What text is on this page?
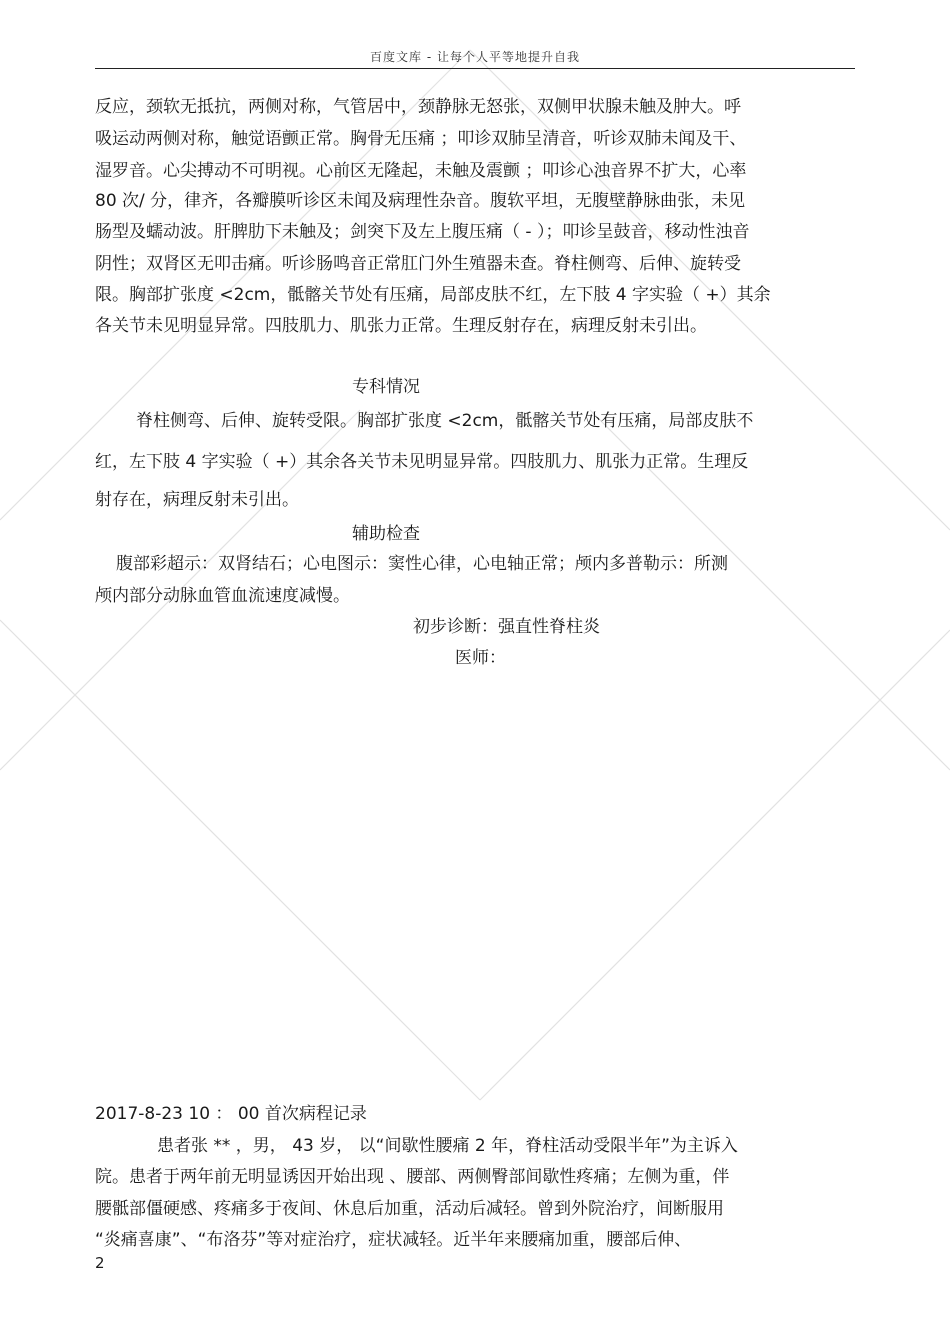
百度文库 - 让每个人平等地提升自我
反应，颈软无抵抗，两侧对称，气管居中，颈静脉无怒张，双侧甲状腺未触及肿大。呼
吸运动两侧对称，触觉语颤正常。胸骨无压痛 ；叩诊双肺呈清音，听诊双肺未闻及干、
湿罗音。心尖搏动不可明视。心前区无隆起，未触及震颤 ；叩诊心浊音界不扩大，心率
80 次/ 分，律齐，各瓣膜听诊区未闻及病理性杂音。腹软平坦，无腹壁静脉曲张，未见
肠型及蠕动波。肝脾肋下未触及；剑突下及左上腹压痛（ - ）；叩诊呈鼓音，移动性浊音
阴性；双肾区无叩击痛。听诊肠鸣音正常肛门外生殖器未查。脊柱侧弯、后伸、旋转受
限。胸部扩张度 <2cm，骶髂关节处有压痛，局部皮肤不红，左下肢 4 字实验（ +）其余
各关节未见明显异常。四肢肌力、肌张力正常。生理反射存在，病理反射未引出。
专科情况
脊柱侧弯、后伸、旋转受限。胸部扩张度 <2cm，骶髂关节处有压痛，局部皮肤不
红，左下肢 4 字实验（ +）其余各关节未见明显异常。四肢肌力、肌张力正常。生理反
射存在，病理反射未引出。
辅助检查
腹部彩超示：双肾结石；心电图示：窦性心律，心电轴正常；颅内多普勒示：所测
颅内部分动脉血管血流速度减慢。
初步诊断：强直性脊柱炎
医师：
2017-8-23 10 ： 00 首次病程记录
患者张 ** ，男， 43 岁， 以“间歇性腰痛 2 年，脊柱活动受限半年”为主诉入
院。患者于两年前无明显诱因开始出现 、腰部、两侧臀部间歇性疼痛；左侧为重，伴
腰骶部僵硬感、疼痛多于夜间、休息后加重，活动后减轻。曾到外院治疗，间断服用
“炎痛喜康”、“布洛芬”等对症治疗，症状减轻。近半年来腰痛加重，腰部后伸、
2
